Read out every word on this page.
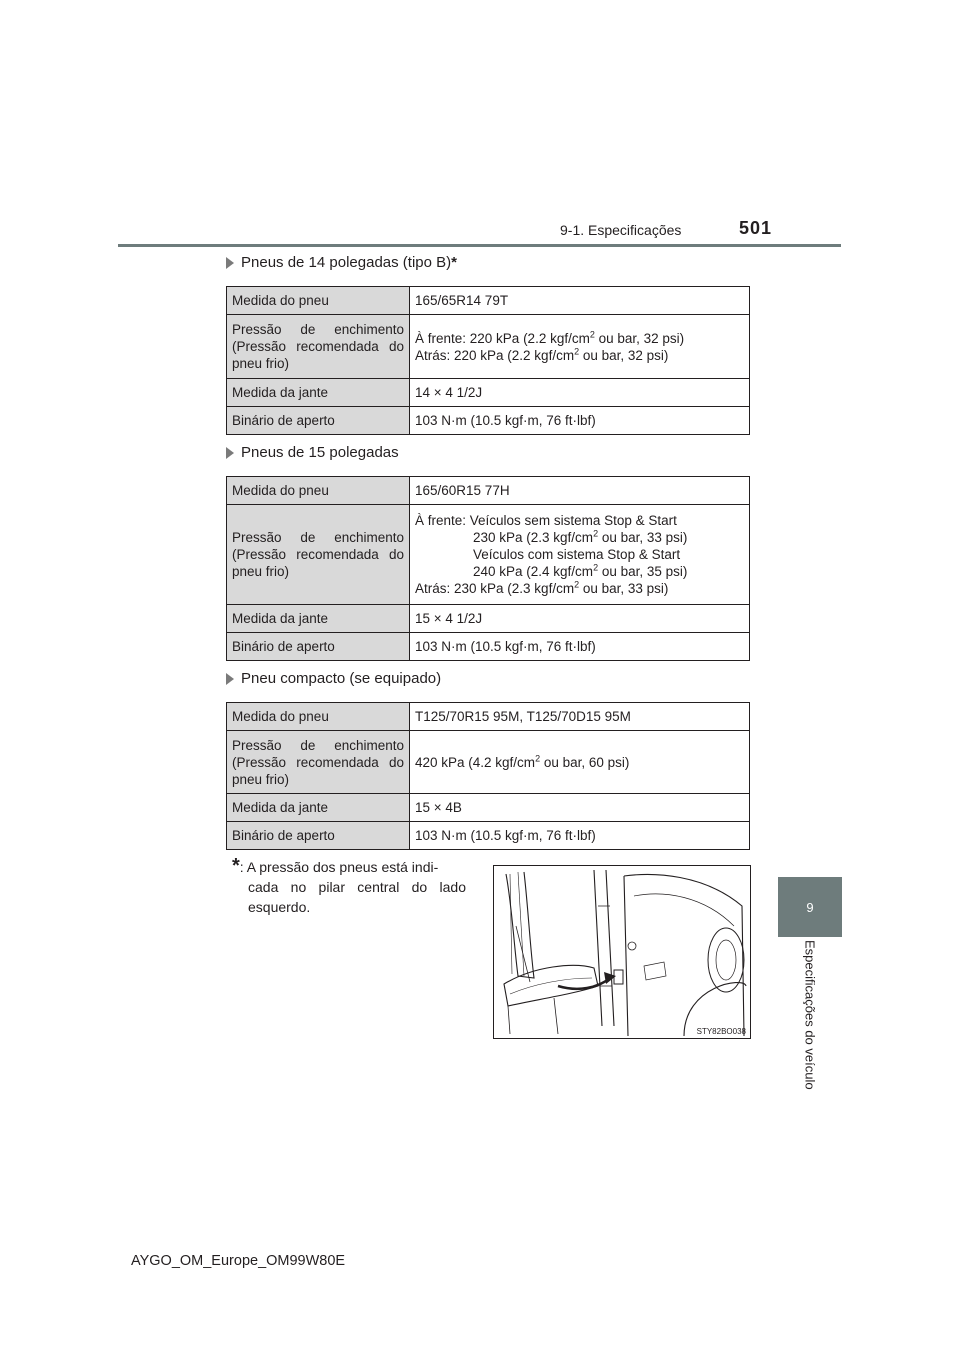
9-1. Especificações	501
9
Especificações do veículo
Pneus de 14 polegadas (tipo B) *
Medida do pneu	165/65R14 79T
Pressão de enchimento (Pressão recomendada do pneu frio)	À frente: 220 kPa (2.2 kgf/$cm^2$ ou bar, 32 psi)
Atrás: 220 kPa (2.2 kgf/$cm^2$ ou bar, 32 psi)
Medida da jante	14 × 4 1/2J
Binário de aperto	103 N·m (10.5 kgf·m, 76 ft·lbf)
Pneus de 15 polegadas
Medida do pneu	165/60R15 77H
Pressão de enchimento (Pressão recomendada do pneu frio)	À frente: Veículos sem sistema Stop & Start

230 kPa (2.3 kgf/$cm^2$ ou bar, 33 psi)
Veículos com sistema Stop & Start
240 kPa (2.4 kgf/$cm^2$ ou bar, 35 psi)
Atrás: 230 kPa (2.3 kgf/$cm^2$ ou bar, 33 psi)
Medida da jante	15 × 4 1/2J
Binário de aperto	103 N·m (10.5 kgf·m, 76 ft·lbf)
Pneu compacto (se equipado)
Medida do pneu	T125/70R15 95M, T125/70D15 95M
Pressão de enchimento (Pressão recomendada do pneu frio)	420 kPa (4.2 kgf/$cm^2$ ou bar, 60 psi)
Medida da jante	15 × 4B
Binário de aperto	103 N·m (10.5 kgf·m, 76 ft·lbf)
*: A pressão dos pneus está indi-
cada no pilar central do lado esquerdo.
STY82BO038
AYGO_OM_Europe_OM99W80E
